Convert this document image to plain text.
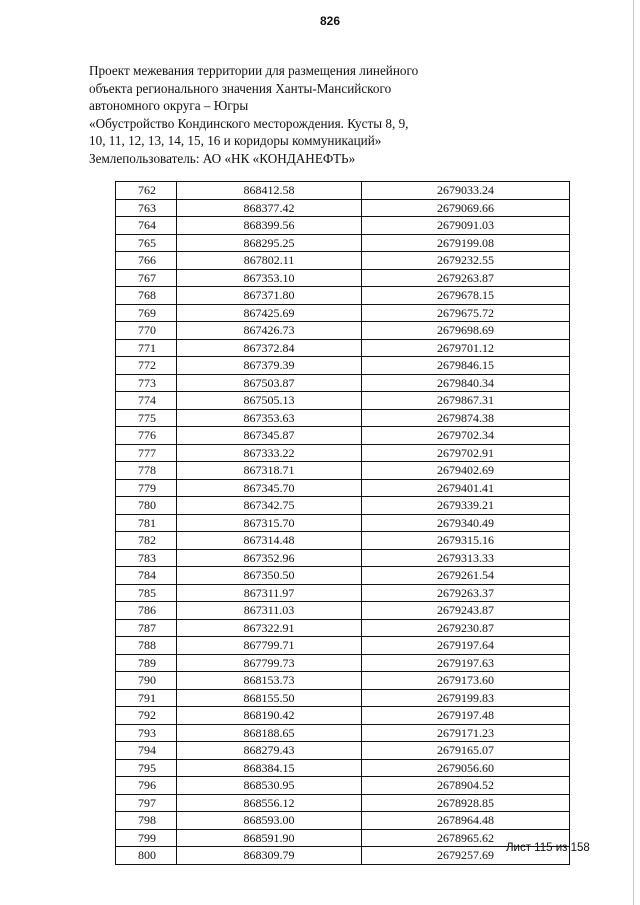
826
Проект межевания территории для размещения линейного
объекта регионального значения Ханты-Мансийского
автономного округа – Югры
«Обустройство Кондинского месторождения. Кусты 8, 9,
10, 11, 12, 13, 14, 15, 16 и коридоры коммуникаций»
Землепользователь: АО «НК «КОНДАНЕФТЬ»
762	868412.58	2679033.24
763	868377.42	2679069.66
764	868399.56	2679091.03
765	868295.25	2679199.08
766	867802.11	2679232.55
767	867353.10	2679263.87
768	867371.80	2679678.15
769	867425.69	2679675.72
770	867426.73	2679698.69
771	867372.84	2679701.12
772	867379.39	2679846.15
773	867503.87	2679840.34
774	867505.13	2679867.31
775	867353.63	2679874.38
776	867345.87	2679702.34
777	867333.22	2679702.91
778	867318.71	2679402.69
779	867345.70	2679401.41
780	867342.75	2679339.21
781	867315.70	2679340.49
782	867314.48	2679315.16
783	867352.96	2679313.33
784	867350.50	2679261.54
785	867311.97	2679263.37
786	867311.03	2679243.87
787	867322.91	2679230.87
788	867799.71	2679197.64
789	867799.73	2679197.63
790	868153.73	2679173.60
791	868155.50	2679199.83
792	868190.42	2679197.48
793	868188.65	2679171.23
794	868279.43	2679165.07
795	868384.15	2679056.60
796	868530.95	2678904.52
797	868556.12	2678928.85
798	868593.00	2678964.48
799	868591.90	2678965.62
800	868309.79	2679257.69
Лист 115 из 158
